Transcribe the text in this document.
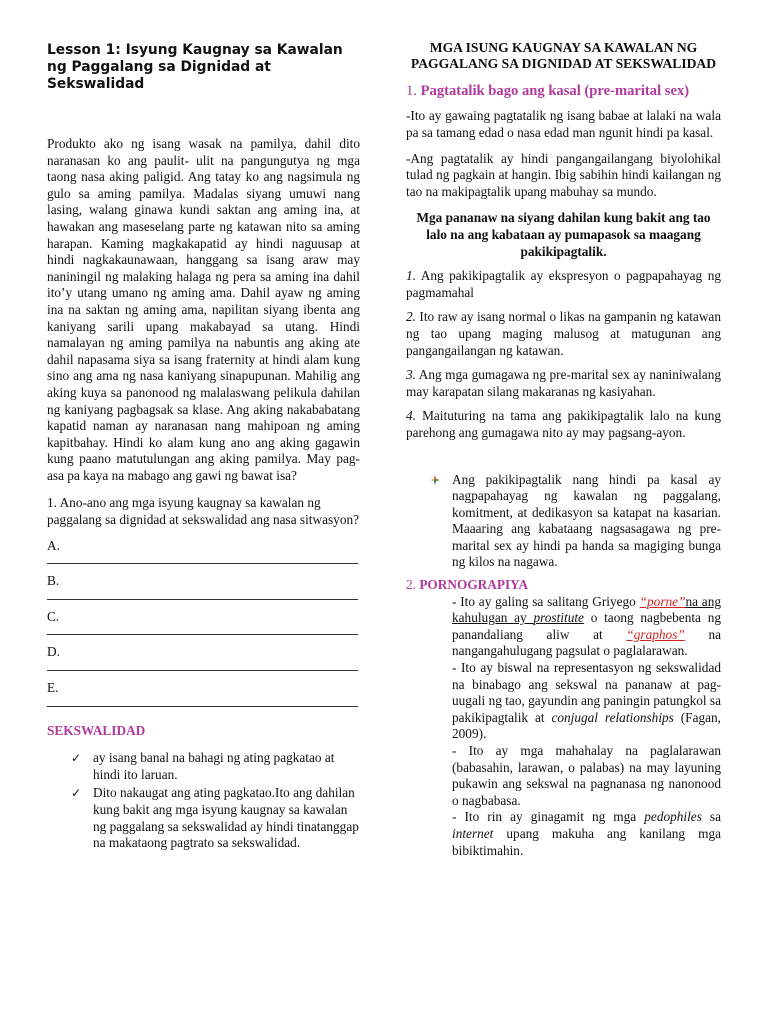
Lesson 1: Isyung Kaugnay sa Kawalan ng Paggalang sa Dignidad at Sekswalidad

Produkto ako ng isang wasak na pamilya, dahil dito naranasan ko ang paulit- ulit na pangungutya ng mga taong nasa aking paligid. Ang tatay ko ang nagsimula ng gulo sa aming pamilya. Madalas siyang umuwi nang lasing, walang ginawa kundi saktan ang aming ina, at hawakan ang maseselang parte ng katawan nito sa aming harapan. Kaming magkakapatid ay hindi naguusap at hindi nagkakaunawaan, hanggang sa isang araw may naniningil ng malaking halaga ng pera sa aming ina dahil ito’y utang umano ng aming ama. Dahil ayaw ng aming ina na saktan ng aming ama, napilitan siyang ibenta ang kaniyang sarili upang makabayad sa utang. Hindi namalayan ng aming pamilya na nabuntis ang aking ate dahil napasama siya sa isang fraternity at hindi alam kung sino ang ama ng nasa kaniyang sinapupunan. Mahilig ang aking kuya sa panonood ng malalaswang pelikula dahilan ng kaniyang pagbagsak sa klase. Ang aking nakababatang kapatid naman ay naranasan nang mahipoan ng aming kapitbahay. Hindi ko alam kung ano ang aking gagawin kung paano matutulungan ang aking pamilya. May pag-asa pa kaya na mabago ang gawi ng bawat isa?

1. Ano-ano ang mga isyung kaugnay sa kawalan ng paggalang sa dignidad at sekswalidad ang nasa sitwasyon?

A.
B.
C.
D.
E.
SEKSWALIDAD
✓ ay isang banal na bahagi ng ating pagkatao at hindi ito laruan.
✓ Dito nakaugat ang ating pagkatao.Ito ang dahilan kung bakit ang mga isyung kaugnay sa kawalan ng paggalang sa sekswalidad ay hindi tinatanggap na makataong pagtrato sa sekswalidad.

MGA ISUNG KAUGNAY SA KAWALAN NG PAGGALANG SA DIGNIDAD AT SEKSWALIDAD

1. Pagtatalik bago ang kasal (pre-marital sex)

-Ito ay gawaing pagtatalik ng isang babae at lalaki na wala pa sa tamang edad o nasa edad man ngunit hindi pa kasal.

-Ang pagtatalik ay hindi pangangailangang biyolohikal tulad ng pagkain at hangin. Ibig sabihin hindi kailangan ng tao na makipagtalik upang mabuhay sa mundo.

Mga pananaw na siyang dahilan kung bakit ang tao lalo na ang kabataan ay pumapasok sa maagang pakikipagtalik.

1. Ang pakikipagtalik ay ekspresyon o pagpapahayag ng pagmamahal

2. Ito raw ay isang normal o likas na gampanin ng katawan ng tao upang maging malusog at matugunan ang pangangailangan ng katawan.

3. Ang mga gumagawa ng pre-marital sex ay naniniwalang may karapatan silang makaranas ng kasiyahan.

4. Maituturing na tama ang pakikipagtalik lalo na kung parehong ang gumagawa nito ay may pagsang-ayon.

Ang pakikipagtalik nang hindi pa kasal ay nagpapahayag ng kawalan ng paggalang, komitment, at dedikasyon sa katapat na kasarian. Maaaring ang kabataang nagsasagawa ng pre-marital sex ay hindi pa handa sa magiging bunga ng kilos na nagawa.

2. PORNOGRAPIYA

- Ito ay galing sa salitang Griyego “porne”na ang kahulugan ay prostitute o taong nagbebenta ng panandaliang aliw at “graphos” na nangangahulugang pagsulat o paglalarawan.

- Ito ay biswal na representasyon ng sekswalidad na binabago ang sekswal na pananaw at pag-uugali ng tao, gayundin ang paningin patungkol sa pakikipagtalik at conjugal relationships (Fagan, 2009).

- Ito ay mga mahahalay na paglalarawan (babasahin, larawan, o palabas) na may layuning pukawin ang sekswal na pagnanasa ng nanonood o nagbabasa.

- Ito rin ay ginagamit ng mga pedophiles sa internet upang makuha ang kanilang mga bibiktimahin.
